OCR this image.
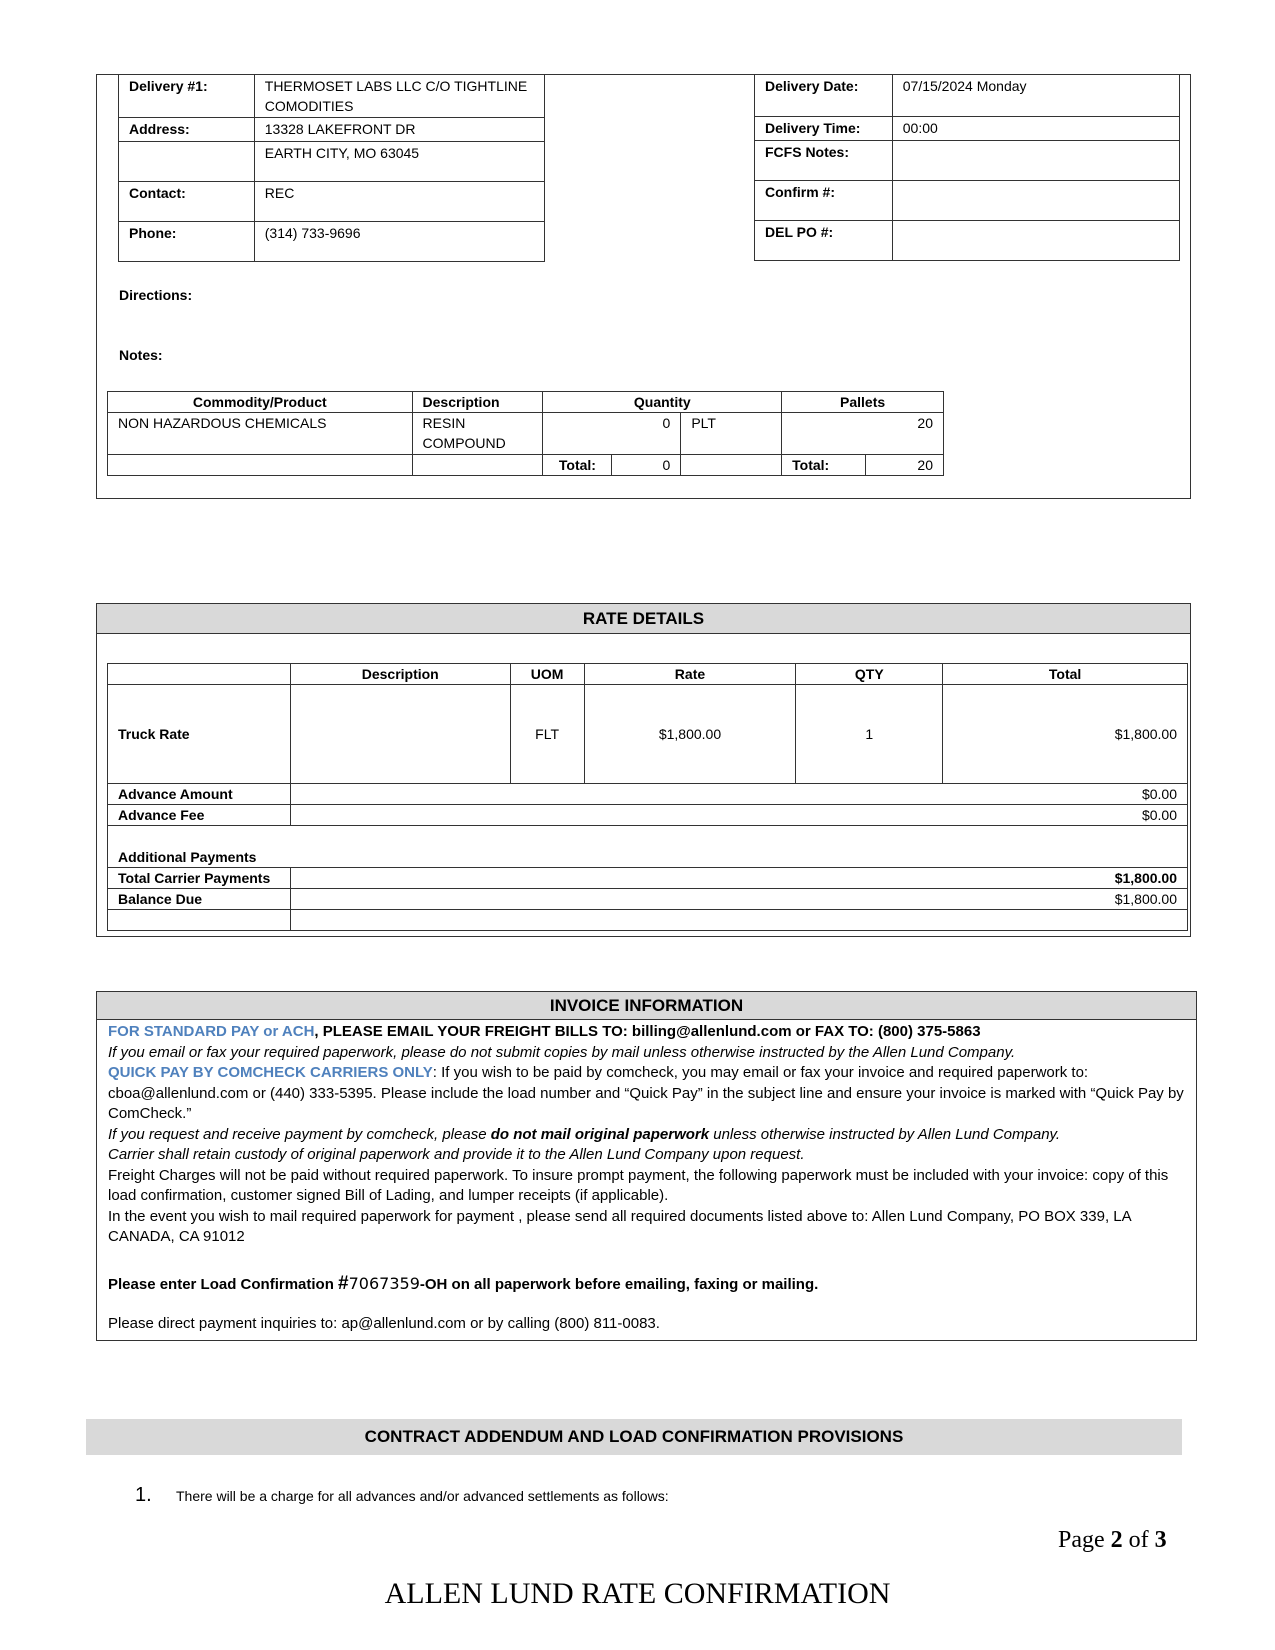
Delivery #1:	THERMOSET LABS LLC C/O TIGHTLINE COMODITIES
Address:	13328 LAKEFRONT DR
	EARTH CITY, MO 63045
Contact:	REC
Phone:	(314) 733-9696
Delivery Date:	07/15/2024 Monday
Delivery Time:	00:00
FCFS Notes:	
Confirm #:	
DEL PO #:	
Directions:
Notes:
Commodity/Product	Description	Quantity			Pallets	
NON HAZARDOUS CHEMICALS	RESIN COMPOUND	0		PLT	20	
		Total:	0		Total:	20
RATE DETAILS
	Description	UOM	Rate	QTY	Total
Truck Rate		FLT	$1,800.00	1	$1,800.00
Advance Amount	$0.00				
Advance Fee	$0.00				
Additional Payments					
Total Carrier Payments	$1,800.00				
Balance Due	$1,800.00				

INVOICE INFORMATION
FOR STANDARD PAY or ACH, PLEASE EMAIL YOUR FREIGHT BILLS TO: billing@allenlund.com or FAX TO: (800) 375-5863
If you email or fax your required paperwork, please do not submit copies by mail unless otherwise instructed by the Allen Lund Company.
QUICK PAY BY COMCHECK CARRIERS ONLY: If you wish to be paid by comcheck, you may email or fax your invoice and required paperwork to: cboa@allenlund.com or (440) 333-5395. Please include the load number and “Quick Pay” in the subject line and ensure your invoice is marked with “Quick Pay by ComCheck.”
If you request and receive payment by comcheck, please do not mail original paperwork unless otherwise instructed by Allen Lund Company.
Carrier shall retain custody of original paperwork and provide it to the Allen Lund Company upon request.
Freight Charges will not be paid without required paperwork. To insure prompt payment, the following paperwork must be included with your invoice: copy of this load confirmation, customer signed Bill of Lading, and lumper receipts (if applicable).
In the event you wish to mail required paperwork for payment , please send all required documents listed above to: Allen Lund Company, PO BOX 339, LA CANADA, CA 91012
Please enter Load Confirmation #7067359-OH on all paperwork before emailing, faxing or mailing.
Please direct payment inquiries to: ap@allenlund.com or by calling (800) 811-0083.
CONTRACT ADDENDUM AND LOAD CONFIRMATION PROVISIONS
1. There will be a charge for all advances and/or advanced settlements as follows:
Page 2 of 3
ALLEN LUND RATE CONFIRMATION
